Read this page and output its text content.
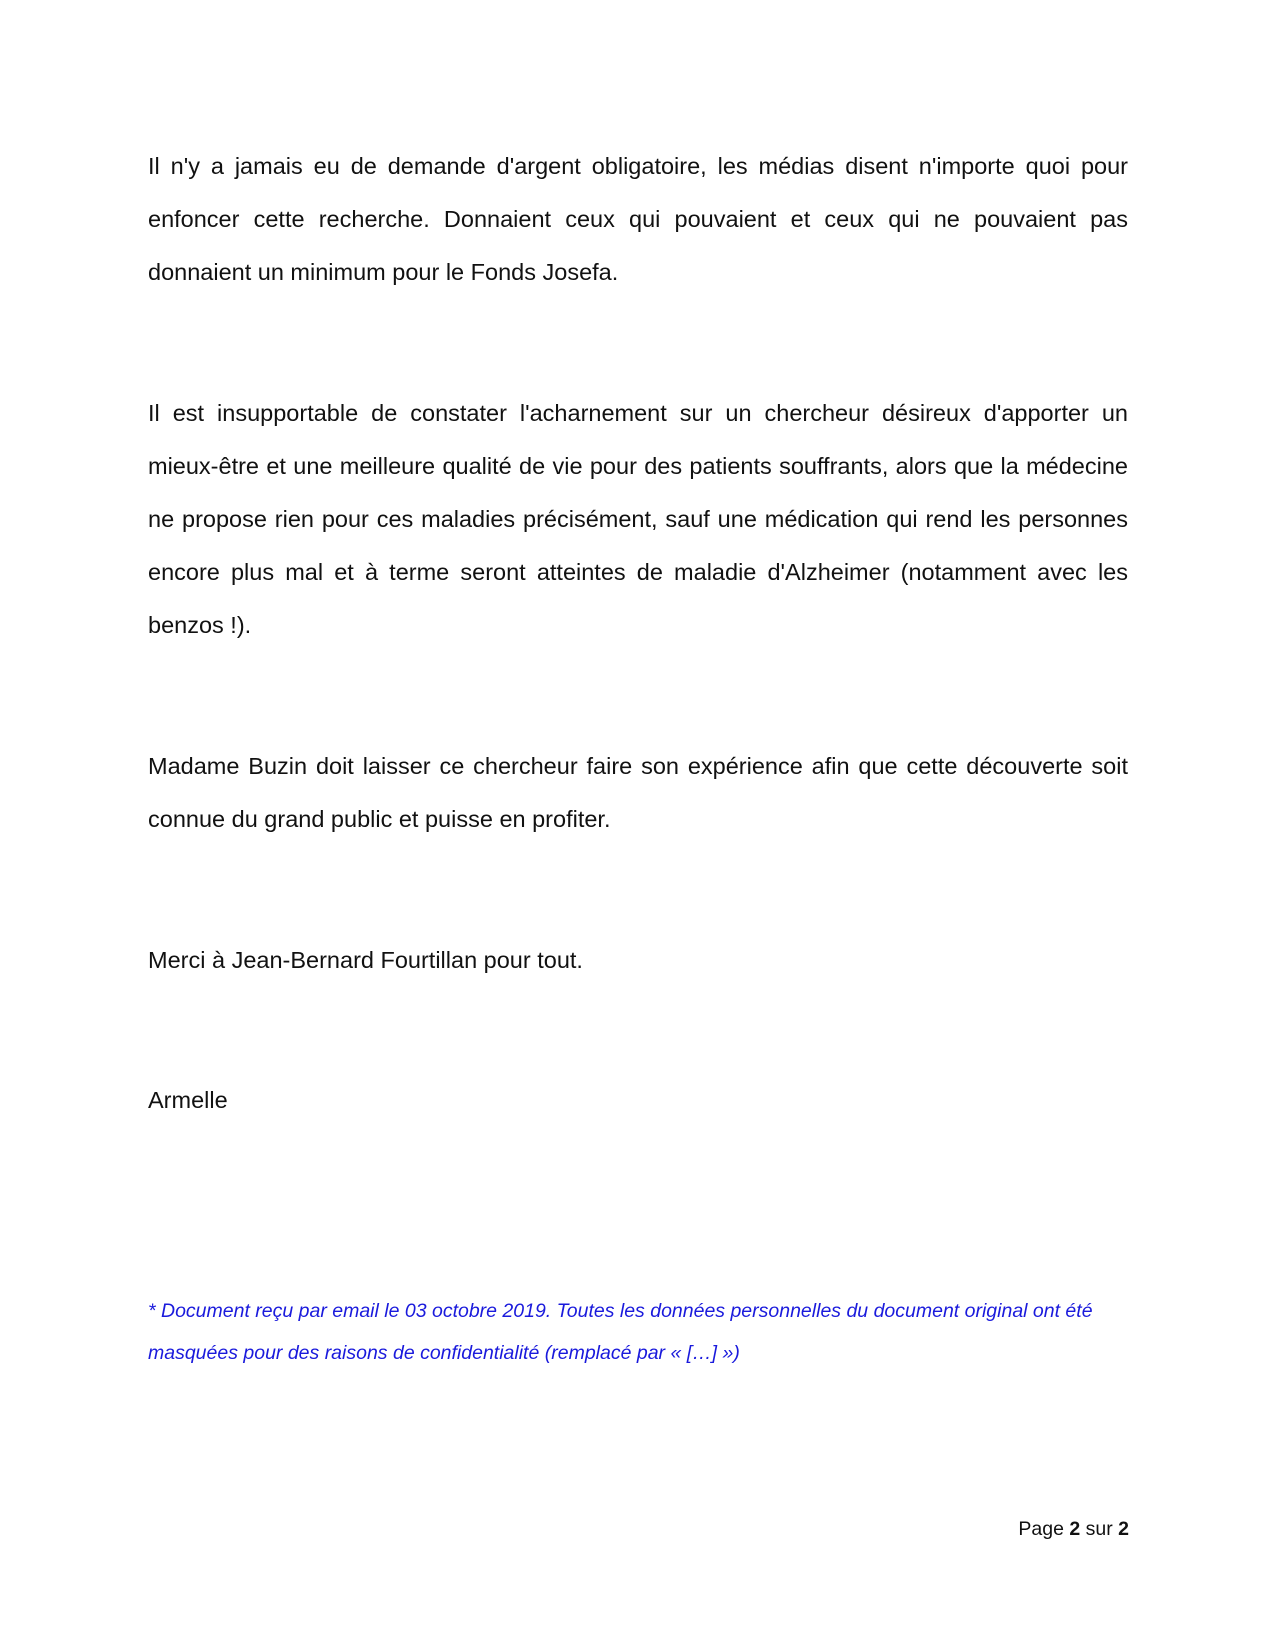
Il n'y a jamais eu de demande d'argent obligatoire, les médias disent n'importe quoi pour enfoncer cette recherche. Donnaient ceux qui pouvaient et ceux qui ne pouvaient pas donnaient un minimum pour le Fonds Josefa.

Il est insupportable de constater l'acharnement sur un chercheur désireux d'apporter un mieux-être et une meilleure qualité de vie pour des patients souffrants, alors que la médecine ne propose rien pour ces maladies précisément, sauf une médication qui rend les personnes encore plus mal et à terme seront atteintes de maladie d'Alzheimer (notamment avec les benzos !).

Madame Buzin doit laisser ce chercheur faire son expérience afin que cette découverte soit connue du grand public et puisse en profiter.

Merci à Jean-Bernard Fourtillan pour tout.

Armelle

* Document reçu par email le 03 octobre 2019. Toutes les données personnelles du document original ont été masquées pour des raisons de confidentialité (remplacé par « […] »)

Page 2 sur 2
